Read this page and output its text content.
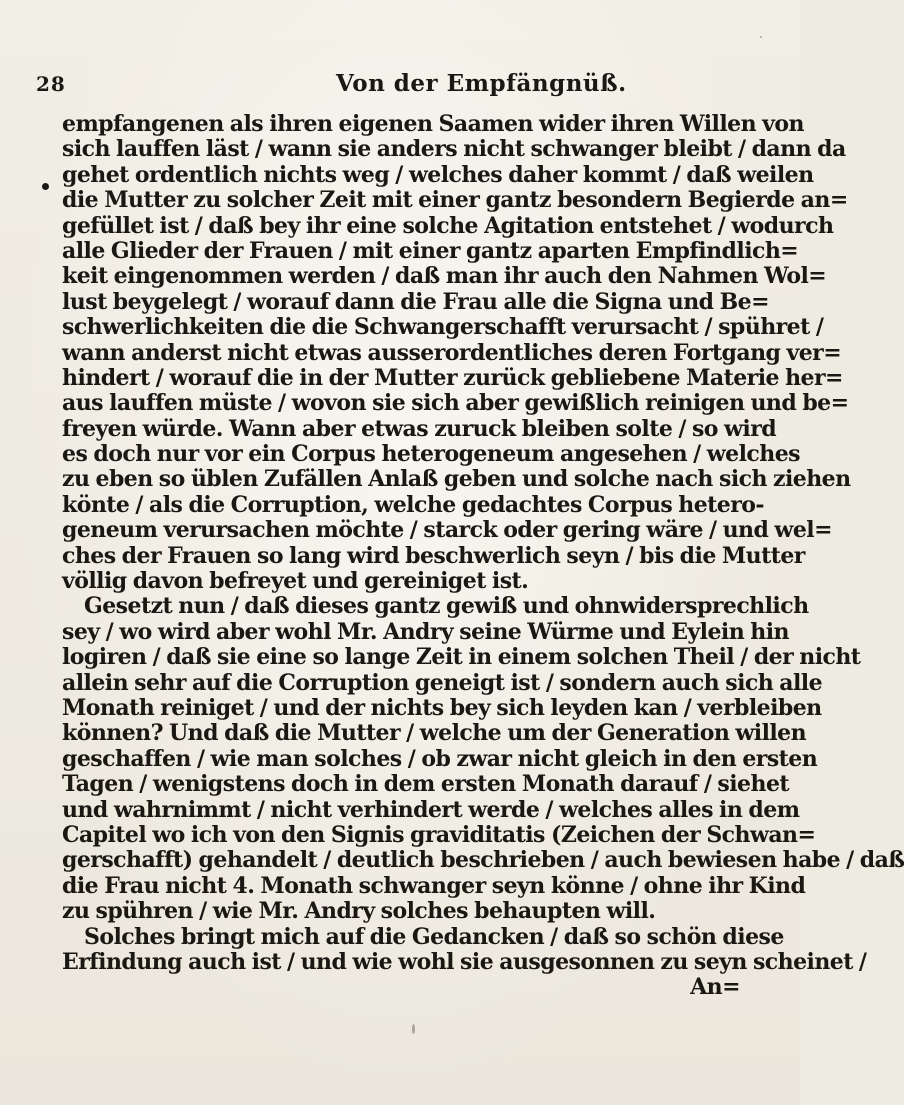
28	Von der Empfängnüß.
empfangenen als ihren eigenen Saamen wider ihren Willen von
sich lauffen läst / wann sie anders nicht schwanger bleibt / dann da
gehet ordentlich nichts weg / welches daher kommt / daß weilen
die Mutter zu solcher Zeit mit einer gantz besondern Begierde an=
gefüllet ist / daß bey ihr eine solche Agitation entstehet / wodurch
alle Glieder der Frauen / mit einer gantz aparten Empfindlich=
keit eingenommen werden / daß man ihr auch den Nahmen Wol=
lust beygelegt / worauf dann die Frau alle die Signa und Be=
schwerlichkeiten die die Schwangerschafft verursacht / spühret /
wann anderst nicht etwas ausserordentliches deren Fortgang ver=
hindert / worauf die in der Mutter zurück gebliebene Materie her=
aus lauffen müste / wovon sie sich aber gewißlich reinigen und be=
freyen würde. Wann aber etwas zuruck bleiben solte / so wird
es doch nur vor ein Corpus heterogeneum angesehen / welches
zu eben so üblen Zufällen Anlaß geben und solche nach sich ziehen
könte / als die Corruption, welche gedachtes Corpus hetero-
geneum verursachen möchte / starck oder gering wäre / und wel=
ches der Frauen so lang wird beschwerlich seyn / bis die Mutter
völlig davon befreyet und gereiniget ist.
Gesetzt nun / daß dieses gantz gewiß und ohnwidersprechlich
sey / wo wird aber wohl Mr. Andry seine Würme und Eylein hin
logiren / daß sie eine so lange Zeit in einem solchen Theil / der nicht
allein sehr auf die Corruption geneigt ist / sondern auch sich alle
Monath reiniget / und der nichts bey sich leyden kan / verbleiben
können? Und daß die Mutter / welche um der Generation willen
geschaffen / wie man solches / ob zwar nicht gleich in den ersten
Tagen / wenigstens doch in dem ersten Monath darauf / siehet
und wahrnimmt / nicht verhindert werde / welches alles in dem
Capitel wo ich von den Signis graviditatis (Zeichen der Schwan=
gerschafft) gehandelt / deutlich beschrieben / auch bewiesen habe / daß
die Frau nicht 4. Monath schwanger seyn könne / ohne ihr Kind
zu spühren / wie Mr. Andry solches behaupten will.
Solches bringt mich auf die Gedancken / daß so schön diese
Erfindung auch ist / und wie wohl sie ausgesonnen zu seyn scheinet /
An=
